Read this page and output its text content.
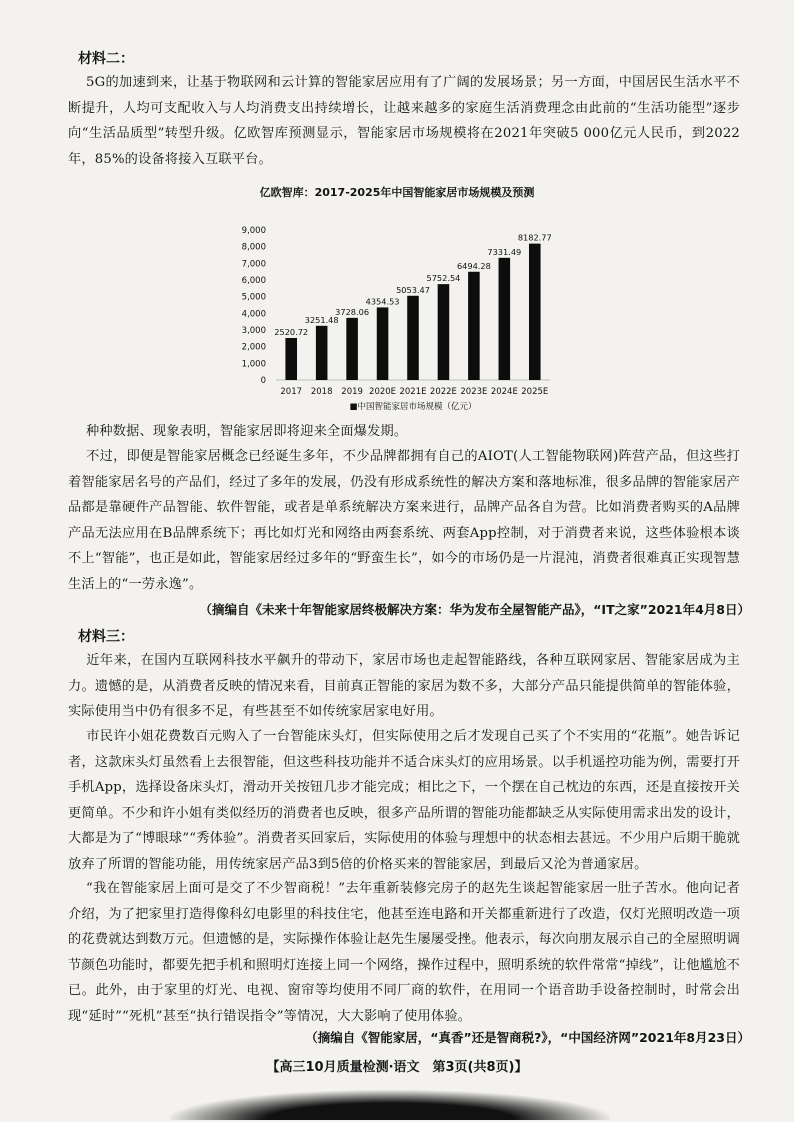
材料二：
5G的加速到来，让基于物联网和云计算的智能家居应用有了广阔的发展场景；另一方面，中国居民生活水平不断提升，人均可支配收入与人均消费支出持续增长，让越来越多的家庭生活消费理念由此前的“生活功能型”逐步向“生活品质型”转型升级。亿欧智库预测显示，智能家居市场规模将在2021年突破5 000亿元人民币，到2022年，85%的设备将接入互联平台。
亿欧智库：2017-2025年中国智能家居市场规模及预测
0
1,000
2,000
3,000
4,000
5,000
6,000
7,000
8,000
9,000
2520.72
2017
3251.48
2018
3728.06
2019
4354.53
2020E
5053.47
2021E
5752.54
2022E
6494.28
2023E
7331.49
2024E
8182.77
2025E
■中国智能家居市场规模（亿元）
种种数据、现象表明，智能家居即将迎来全面爆发期。
不过，即便是智能家居概念已经诞生多年，不少品牌都拥有自己的AIOT(人工智能物联网)阵营产品，但这些打着智能家居名号的产品们，经过了多年的发展，仍没有形成系统性的解决方案和落地标准，很多品牌的智能家居产品都是靠硬件产品智能、软件智能，或者是单系统解决方案来进行，品牌产品各自为营。比如消费者购买的A品牌产品无法应用在B品牌系统下；再比如灯光和网络由两套系统、两套App控制，对于消费者来说，这些体验根本谈不上“智能”，也正是如此，智能家居经过多年的“野蛮生长”，如今的市场仍是一片混沌，消费者很难真正实现智慧生活上的“一劳永逸”。
（摘编自《未来十年智能家居终极解决方案：华为发布全屋智能产品》，“IT之家”2021年4月8日）
材料三：
近年来，在国内互联网科技水平飙升的带动下，家居市场也走起智能路线，各种互联网家居、智能家居成为主力。遗憾的是，从消费者反映的情况来看，目前真正智能的家居为数不多，大部分产品只能提供简单的智能体验，实际使用当中仍有很多不足，有些甚至不如传统家居家电好用。
市民许小姐花费数百元购入了一台智能床头灯，但实际使用之后才发现自己买了个不实用的“花瓶”。她告诉记者，这款床头灯虽然看上去很智能，但这些科技功能并不适合床头灯的应用场景。以手机遥控功能为例，需要打开手机App，选择设备床头灯，滑动开关按钮几步才能完成；相比之下，一个摆在自己枕边的东西，还是直接按开关更简单。不少和许小姐有类似经历的消费者也反映，很多产品所谓的智能功能都缺乏从实际使用需求出发的设计，大都是为了“博眼球”“秀体验”。消费者买回家后，实际使用的体验与理想中的状态相去甚远。不少用户后期干脆就放弃了所谓的智能功能，用传统家居产品3到5倍的价格买来的智能家居，到最后又沦为普通家居。
“我在智能家居上面可是交了不少智商税！”去年重新装修完房子的赵先生谈起智能家居一肚子苦水。他向记者介绍，为了把家里打造得像科幻电影里的科技住宅，他甚至连电路和开关都重新进行了改造，仅灯光照明改造一项的花费就达到数万元。但遗憾的是，实际操作体验让赵先生屡屡受挫。他表示，每次向朋友展示自己的全屋照明调节颜色功能时，都要先把手机和照明灯连接上同一个网络，操作过程中，照明系统的软件常常“掉线”，让他尴尬不已。此外，由于家里的灯光、电视、窗帘等均使用不同厂商的软件，在用同一个语音助手设备控制时，时常会出现“延时”“死机”甚至“执行错误指令”等情况，大大影响了使用体验。
（摘编自《智能家居，“真香”还是智商税?》，“中国经济网”2021年8月23日）
【高三10月质量检测·语文　第3页(共8页)】
